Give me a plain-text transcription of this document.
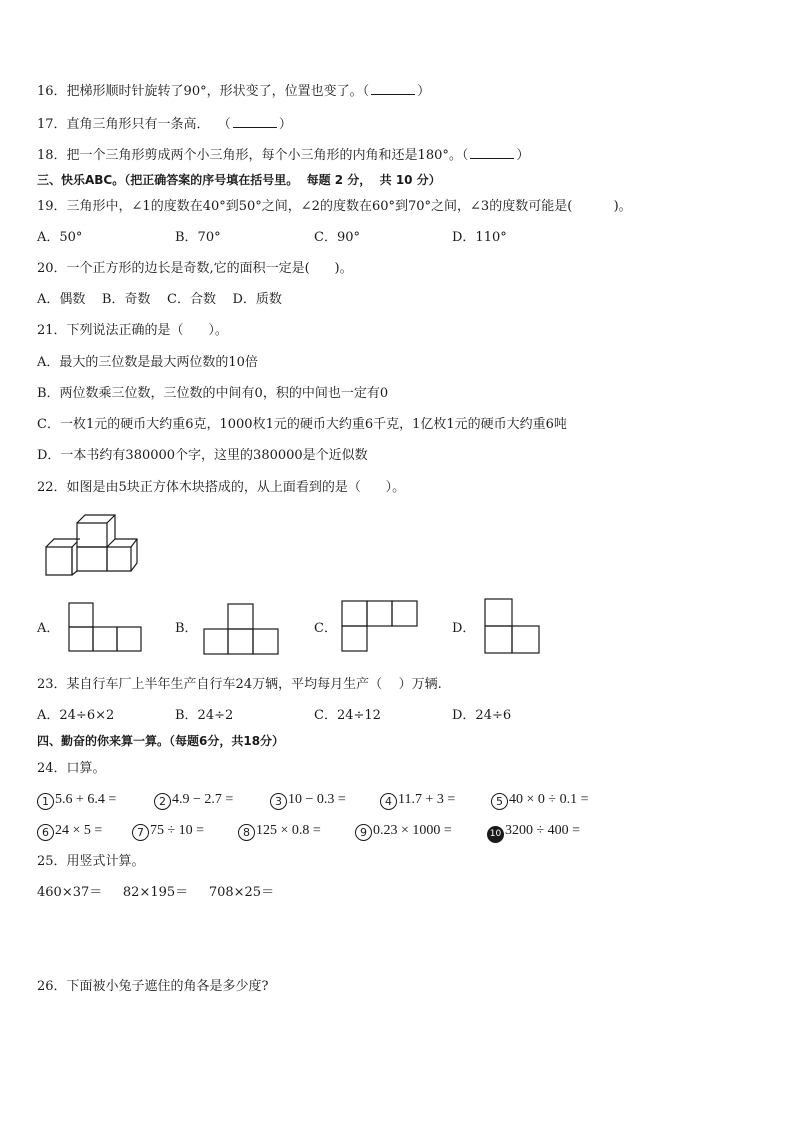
16．把梯形顺时针旋转了90°，形状变了，位置也变了。（	）
17．直角三角形只有一条高．  （	）
18．把一个三角形剪成两个小三角形，每个小三角形的内角和还是180°。（	）
三、快乐ABC。（把正确答案的序号填在括号里。  每题 2 分，  共 10 分）
19．三角形中，∠1的度数在40°到50°之间，∠2的度数在60°到70°之间，∠3的度数可能是(          )。
A．50°	B．70°	C．90°	D．110°
20．一个正方形的边长是奇数,它的面积一定是(      )。
A．偶数    B．奇数    C．合数    D．质数
21．下列说法正确的是（      ）。
A．最大的三位数是最大两位数的10倍
B．两位数乘三位数，三位数的中间有0，积的中间也一定有0
C．一枚1元的硬币大约重6克，1000枚1元的硬币大约重6千克，1亿枚1元的硬币大约重6吨
D．一本书约有380000个字，这里的380000是个近似数
22．如图是由5块正方体木块搭成的，从上面看到的是（      ）。
A．	B．	C．	D．
23．某自行车厂上半年生产自行车24万辆，平均每月生产（    ）万辆.
A．24÷6×2	B．24÷2	C．24÷12	D．24÷6
四、勤奋的你来算一算。（每题6分，共18分）
24．口算。
1 5.6 + 6.4 =	2 4.9 − 2.7 =	3 10 − 0.3 =	4 11.7 + 3 =	5 40 × 0 ÷ 0.1 =
6 24 × 5 =	7 75 ÷ 10 =	8 125 × 0.8 =	9 0.23 × 1000 =	10 3200 ÷ 400 =
25．用竖式计算。
460×37＝     82×195＝     708×25＝
26．下面被小兔子遮住的角各是多少度?
